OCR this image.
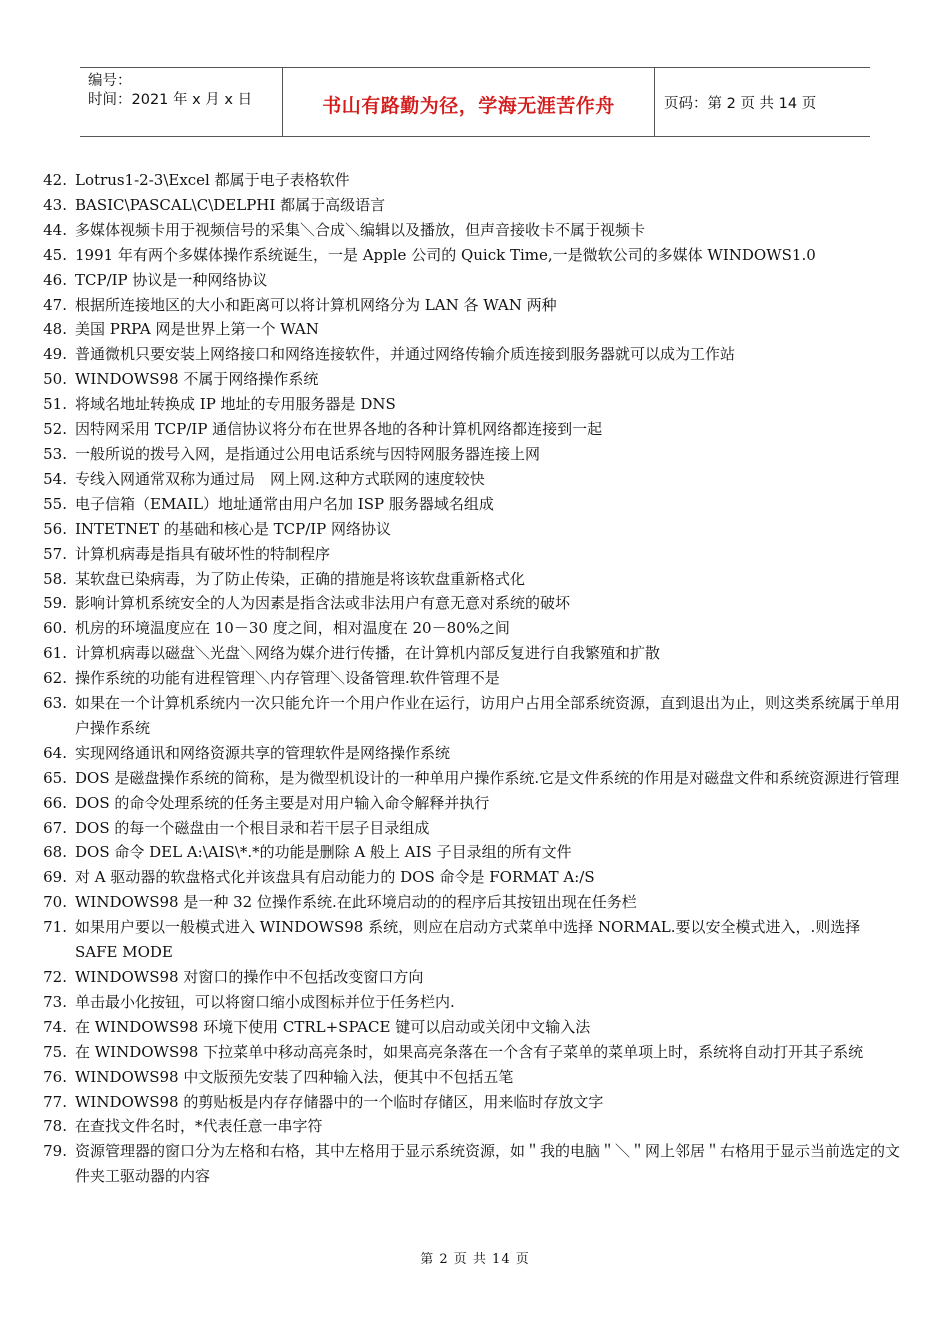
编号：
时间：2021 年 x 月 x 日	书山有路勤为径，学海无涯苦作舟	页码：第 2 页 共 14 页
42. Lotrus1-2-3\Excel 都属于电子表格软件
43. BASIC\PASCAL\C\DELPHI 都属于高级语言
44. 多媒体视频卡用于视频信号的采集＼合成＼编辑以及播放，但声音接收卡不属于视频卡
45. 1991 年有两个多媒体操作系统诞生，一是 Apple 公司的 Quick Time,一是微软公司的多媒体 WINDOWS1.0
46. TCP/IP 协议是一种网络协议
47. 根据所连接地区的大小和距离可以将计算机网络分为 LAN 各 WAN 两种
48. 美国 PRPA 网是世界上第一个 WAN
49. 普通微机只要安装上网络接口和网络连接软件，并通过网络传输介质连接到服务器就可以成为工作站
50. WINDOWS98 不属于网络操作系统
51. 将域名地址转换成 IP 地址的专用服务器是 DNS
52. 因特网采用 TCP/IP 通信协议将分布在世界各地的各种计算机网络都连接到一起
53. 一般所说的拨号入网，是指通过公用电话系统与因特网服务器连接上网
54. 专线入网通常双称为通过局　网上网.这种方式联网的速度较快
55. 电子信箱（EMAIL）地址通常由用户名加 ISP 服务器域名组成
56. INTETNET 的基础和核心是 TCP/IP 网络协议
57. 计算机病毒是指具有破坏性的特制程序
58. 某软盘已染病毒，为了防止传染，正确的措施是将该软盘重新格式化
59. 影响计算机系统安全的人为因素是指含法或非法用户有意无意对系统的破坏
60. 机房的环境温度应在 10－30 度之间，相对温度在 20－80%之间
61. 计算机病毒以磁盘＼光盘＼网络为媒介进行传播，在计算机内部反复进行自我繁殖和扩散
62. 操作系统的功能有进程管理＼内存管理＼设备管理.软件管理不是
63. 如果在一个计算机系统内一次只能允许一个用户作业在运行，访用户占用全部系统资源，直到退出为止，则这类系统属于单用户操作系统
64. 实现网络通讯和网络资源共享的管理软件是网络操作系统
65. DOS 是磁盘操作系统的简称，是为微型机设计的一种单用户操作系统.它是文件系统的作用是对磁盘文件和系统资源进行管理
66. DOS 的命令处理系统的任务主要是对用户输入命令解释并执行
67. DOS 的每一个磁盘由一个根目录和若干层子目录组成
68. DOS 命令 DEL A:\AIS\*.*的功能是删除 A 般上 AIS 子目录组的所有文件
69. 对 A 驱动器的软盘格式化并该盘具有启动能力的 DOS 命令是 FORMAT A:/S
70. WINDOWS98 是一种 32 位操作系统.在此环境启动的的程序后其按钮出现在任务栏
71. 如果用户要以一般模式进入 WINDOWS98 系统，则应在启动方式菜单中选择 NORMAL.要以安全模式进入，.则选择 SAFE MODE
72. WINDOWS98 对窗口的操作中不包括改变窗口方向
73. 单击最小化按钮，可以将窗口缩小成图标并位于任务栏内.
74. 在 WINDOWS98 环境下使用 CTRL+SPACE 键可以启动或关闭中文输入法
75. 在 WINDOWS98 下拉菜单中移动高亮条时，如果高亮条落在一个含有子菜单的菜单项上时，系统将自动打开其子系统
76. WINDOWS98 中文版预先安装了四种输入法，便其中不包括五笔
77. WINDOWS98 的剪贴板是内存存储器中的一个临时存储区，用来临时存放文字
78. 在查找文件名时，*代表任意一串字符
79. 资源管理器的窗口分为左格和右格，其中左格用于显示系统资源，如＂我的电脑＂＼＂网上邻居＂右格用于显示当前选定的文件夹工驱动器的内容
第 2 页 共 14 页
